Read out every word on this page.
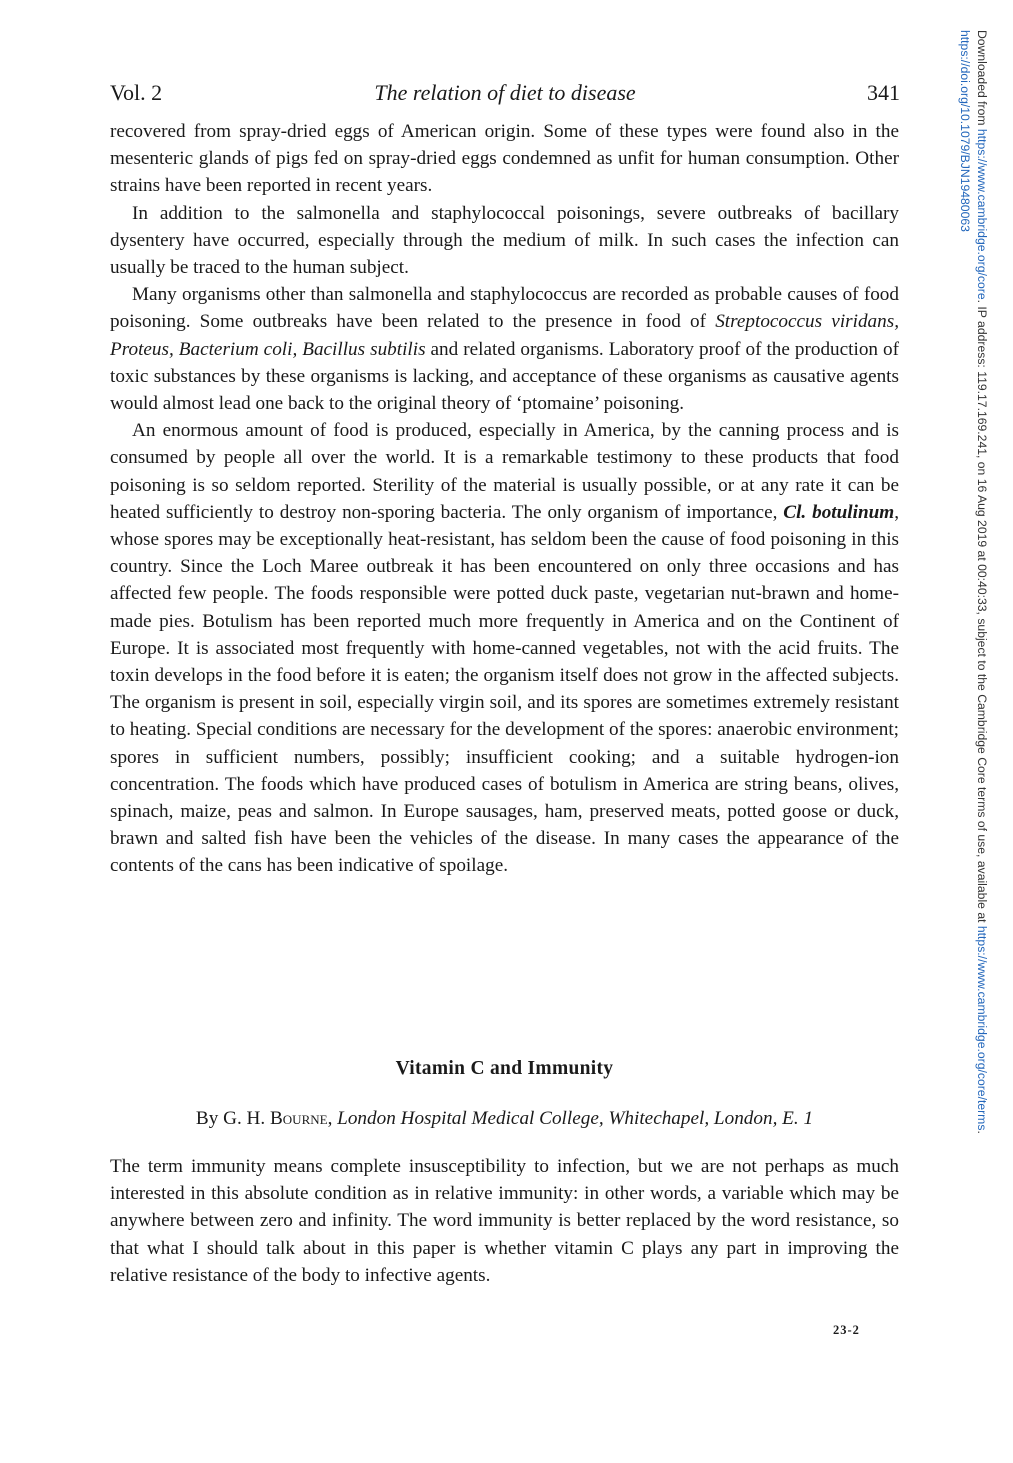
Vol. 2	The relation of diet to disease	341

recovered from spray-dried eggs of American origin. Some of these types were found also in the mesenteric glands of pigs fed on spray-dried eggs condemned as unfit for human consumption. Other strains have been reported in recent years.

In addition to the salmonella and staphylococcal poisonings, severe outbreaks of bacillary dysentery have occurred, especially through the medium of milk. In such cases the infection can usually be traced to the human subject.

Many organisms other than salmonella and staphylococcus are recorded as probable causes of food poisoning. Some outbreaks have been related to the presence in food of Streptococcus viridans, Proteus, Bacterium coli, Bacillus subtilis and related organisms. Laboratory proof of the production of toxic substances by these organisms is lacking, and acceptance of these organisms as causative agents would almost lead one back to the original theory of ‘ptomaine’ poisoning.

An enormous amount of food is produced, especially in America, by the canning process and is consumed by people all over the world. It is a remarkable testimony to these products that food poisoning is so seldom reported. Sterility of the material is usually possible, or at any rate it can be heated sufficiently to destroy non-sporing bacteria. The only organism of importance, Cl. botulinum, whose spores may be exceptionally heat-resistant, has seldom been the cause of food poisoning in this country. Since the Loch Maree outbreak it has been encountered on only three occasions and has affected few people. The foods responsible were potted duck paste, vegetarian nut-brawn and home-made pies. Botulism has been reported much more frequently in America and on the Continent of Europe. It is associated most frequently with home-canned vegetables, not with the acid fruits. The toxin develops in the food before it is eaten; the organism itself does not grow in the affected subjects. The organism is present in soil, especially virgin soil, and its spores are sometimes extremely resistant to heating. Special conditions are necessary for the development of the spores: anaerobic environment; spores in sufficient numbers, possibly; insufficient cooking; and a suitable hydrogen-ion concentration. The foods which have produced cases of botulism in America are string beans, olives, spinach, maize, peas and salmon. In Europe sausages, ham, preserved meats, potted goose or duck, brawn and salted fish have been the vehicles of the disease. In many cases the appearance of the contents of the cans has been indicative of spoilage.

Vitamin C and Immunity
By G. H. Bourne, London Hospital Medical College, Whitechapel, London, E. 1

The term immunity means complete insusceptibility to infection, but we are not perhaps as much interested in this absolute condition as in relative immunity: in other words, a variable which may be anywhere between zero and infinity. The word immunity is better replaced by the word resistance, so that what I should talk about in this paper is whether vitamin C plays any part in improving the relative resistance of the body to infective agents.

23-2
Downloaded from https://www.cambridge.org/core. IP address: 119.17.169.241, on 16 Aug 2019 at 00:40:33, subject to the Cambridge Core terms of use, available at https://www.cambridge.org/core/terms.
https://doi.org/10.1079/BJN19480063
